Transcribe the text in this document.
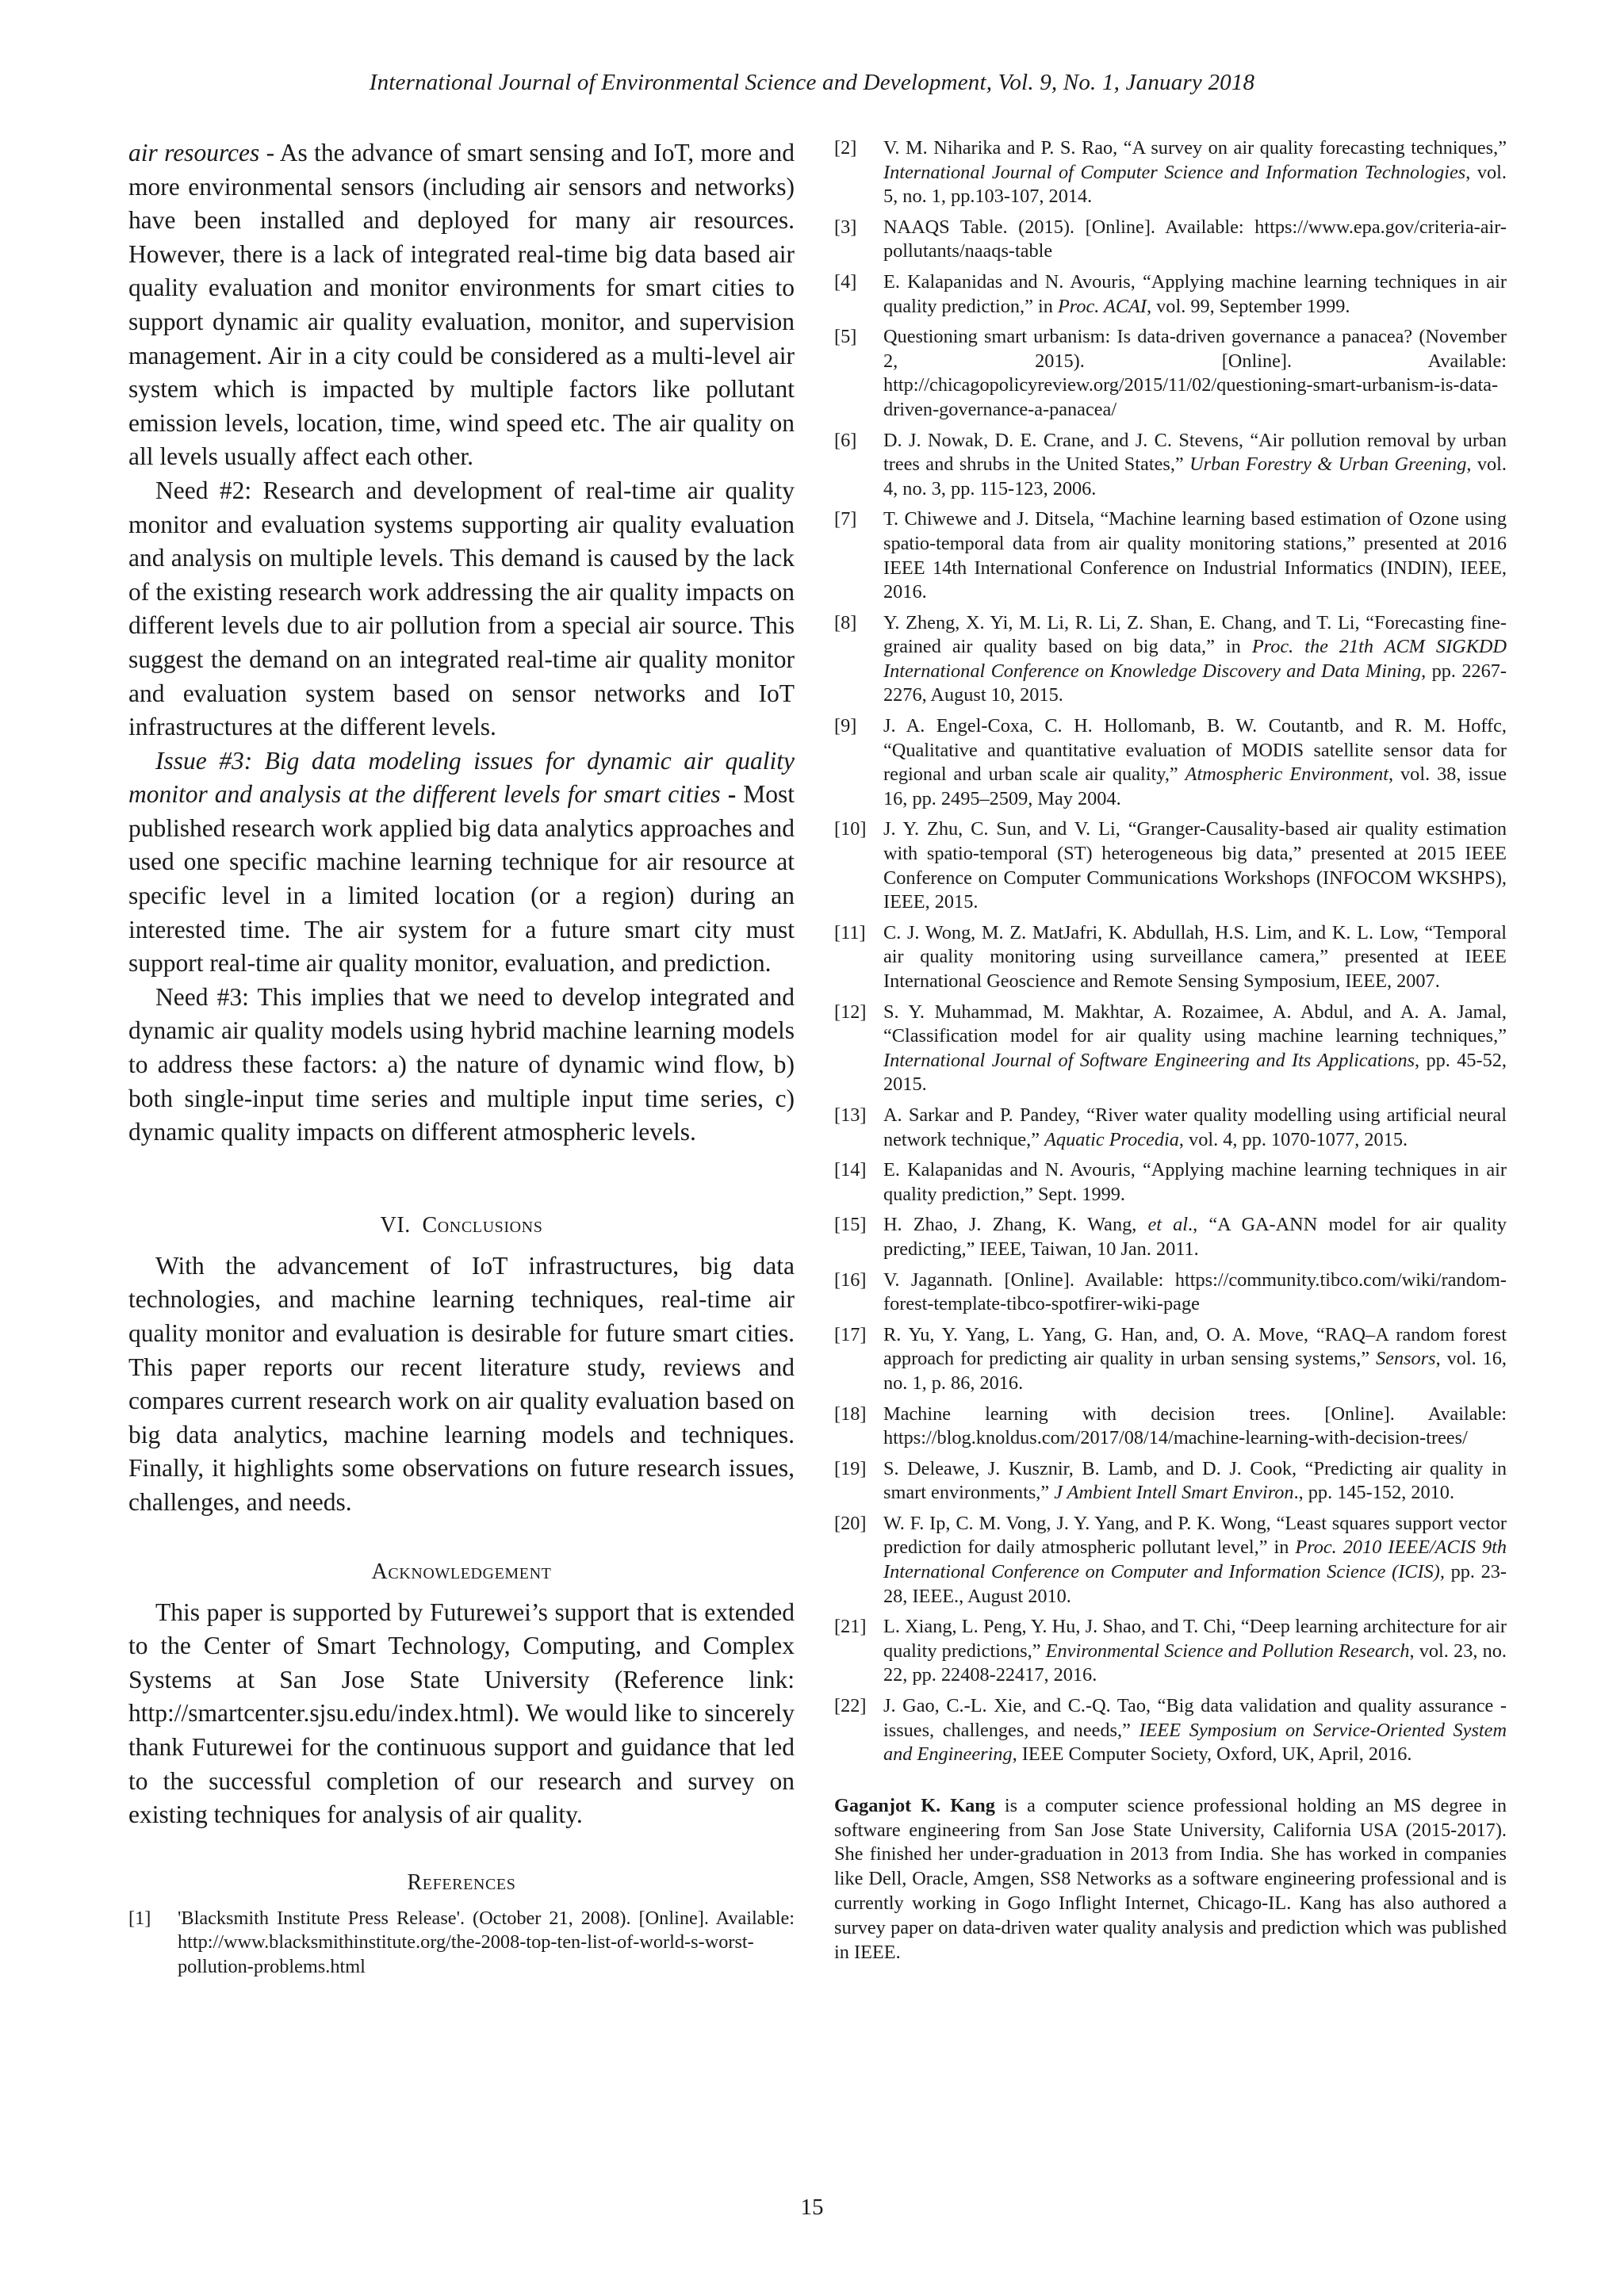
International Journal of Environmental Science and Development, Vol. 9, No. 1, January 2018

air resources - As the advance of smart sensing and IoT, more and more environmental sensors (including air sensors and networks) have been installed and deployed for many air resources. However, there is a lack of integrated real-time big data based air quality evaluation and monitor environments for smart cities to support dynamic air quality evaluation, monitor, and supervision management. Air in a city could be considered as a multi-level air system which is impacted by multiple factors like pollutant emission levels, location, time, wind speed etc. The air quality on all levels usually affect each other.

Need #2: Research and development of real-time air quality monitor and evaluation systems supporting air quality evaluation and analysis on multiple levels. This demand is caused by the lack of the existing research work addressing the air quality impacts on different levels due to air pollution from a special air source. This suggest the demand on an integrated real-time air quality monitor and evaluation system based on sensor networks and IoT infrastructures at the different levels.

Issue #3: Big data modeling issues for dynamic air quality monitor and analysis at the different levels for smart cities - Most published research work applied big data analytics approaches and used one specific machine learning technique for air resource at specific level in a limited location (or a region) during an interested time. The air system for a future smart city must support real-time air quality monitor, evaluation, and prediction.

Need #3: This implies that we need to develop integrated and dynamic air quality models using hybrid machine learning models to address these factors: a) the nature of dynamic wind flow, b) both single-input time series and multiple input time series, c) dynamic quality impacts on different atmospheric levels.

VI. Conclusions

With the advancement of IoT infrastructures, big data technologies, and machine learning techniques, real-time air quality monitor and evaluation is desirable for future smart cities. This paper reports our recent literature study, reviews and compares current research work on air quality evaluation based on big data analytics, machine learning models and techniques. Finally, it highlights some observations on future research issues, challenges, and needs.

Acknowledgement

This paper is supported by Futurewei’s support that is extended to the Center of Smart Technology, Computing, and Complex Systems at San Jose State University (Reference link: http://smartcenter.sjsu.edu/index.html). We would like to sincerely thank Futurewei for the continuous support and guidance that led to the successful completion of our research and survey on existing techniques for analysis of air quality.

References

[1]	'Blacksmith Institute Press Release'. (October 21, 2008). [Online]. Available: http://www.blacksmithinstitute.org/the-2008-top-ten-list-of-world-s-worst-pollution-problems.html
[2]	V. M. Niharika and P. S. Rao, “A survey on air quality forecasting techniques,” International Journal of Computer Science and Information Technologies, vol. 5, no. 1, pp.103-107, 2014.
[3]	NAAQS Table. (2015). [Online]. Available: https://www.epa.gov/criteria-air-pollutants/naaqs-table
[4]	E. Kalapanidas and N. Avouris, “Applying machine learning techniques in air quality prediction,” in Proc. ACAI, vol. 99, September 1999.
[5]	Questioning smart urbanism: Is data-driven governance a panacea? (November 2, 2015). [Online]. Available: http://chicagopolicyreview.org/2015/11/02/questioning-smart-urbanism-is-data-driven-governance-a-panacea/
[6]	D. J. Nowak, D. E. Crane, and J. C. Stevens, “Air pollution removal by urban trees and shrubs in the United States,” Urban Forestry & Urban Greening, vol. 4, no. 3, pp. 115-123, 2006.
[7]	T. Chiwewe and J. Ditsela, “Machine learning based estimation of Ozone using spatio-temporal data from air quality monitoring stations,” presented at 2016 IEEE 14th International Conference on Industrial Informatics (INDIN), IEEE, 2016.
[8]	Y. Zheng, X. Yi, M. Li, R. Li, Z. Shan, E. Chang, and T. Li, “Forecasting fine-grained air quality based on big data,” in Proc. the 21th ACM SIGKDD International Conference on Knowledge Discovery and Data Mining, pp. 2267-2276, August 10, 2015.
[9]	J. A. Engel-Coxa, C. H. Hollomanb, B. W. Coutantb, and R. M. Hoffc, “Qualitative and quantitative evaluation of MODIS satellite sensor data for regional and urban scale air quality,” Atmospheric Environment, vol. 38, issue 16, pp. 2495–2509, May 2004.
[10] J. Y. Zhu, C. Sun, and V. Li, “Granger-Causality-based air quality estimation with spatio-temporal (ST) heterogeneous big data,” presented at 2015 IEEE Conference on Computer Communications Workshops (INFOCOM WKSHPS), IEEE, 2015.
[11] C. J. Wong, M. Z. MatJafri, K. Abdullah, H.S. Lim, and K. L. Low, “Temporal air quality monitoring using surveillance camera,” presented at IEEE International Geoscience and Remote Sensing Symposium, IEEE, 2007.
[12] S. Y. Muhammad, M. Makhtar, A. Rozaimee, A. Abdul, and A. A. Jamal, “Classification model for air quality using machine learning techniques,” International Journal of Software Engineering and Its Applications, pp. 45-52, 2015.
[13] A. Sarkar and P. Pandey, “River water quality modelling using artificial neural network technique,” Aquatic Procedia, vol. 4, pp. 1070-1077, 2015.
[14] E. Kalapanidas and N. Avouris, “Applying machine learning techniques in air quality prediction,” Sept. 1999.
[15] H. Zhao, J. Zhang, K. Wang, et al., “A GA-ANN model for air quality predicting,” IEEE, Taiwan, 10 Jan. 2011.
[16] V. Jagannath. [Online]. Available: https://community.tibco.com/wiki/random-forest-template-tibco-spotfirer-wiki-page
[17] R. Yu, Y. Yang, L. Yang, G. Han, and, O. A. Move, “RAQ–A random forest approach for predicting air quality in urban sensing systems,” Sensors, vol. 16, no. 1, p. 86, 2016.
[18] Machine learning with decision trees. [Online]. Available: https://blog.knoldus.com/2017/08/14/machine-learning-with-decision-trees/
[19] S. Deleawe, J. Kusznir, B. Lamb, and D. J. Cook, “Predicting air quality in smart environments,” J Ambient Intell Smart Environ., pp. 145-152, 2010.
[20] W. F. Ip, C. M. Vong, J. Y. Yang, and P. K. Wong, “Least squares support vector prediction for daily atmospheric pollutant level,” in Proc. 2010 IEEE/ACIS 9th International Conference on Computer and Information Science (ICIS), pp. 23-28, IEEE., August 2010.
[21] L. Xiang, L. Peng, Y. Hu, J. Shao, and T. Chi, “Deep learning architecture for air quality predictions,” Environmental Science and Pollution Research, vol. 23, no. 22, pp. 22408-22417, 2016.
[22] J. Gao, C.-L. Xie, and C.-Q. Tao, “Big data validation and quality assurance - issues, challenges, and needs,” IEEE Symposium on Service-Oriented System and Engineering, IEEE Computer Society, Oxford, UK, April, 2016.

Gaganjot K. Kang is a computer science professional holding an MS degree in software engineering from San Jose State University, California USA (2015-2017). She finished her under-graduation in 2013 from India. She has worked in companies like Dell, Oracle, Amgen, SS8 Networks as a software engineering professional and is currently working in Gogo Inflight Internet, Chicago-IL. Kang has also authored a survey paper on data-driven water quality analysis and prediction which was published in IEEE.

15
